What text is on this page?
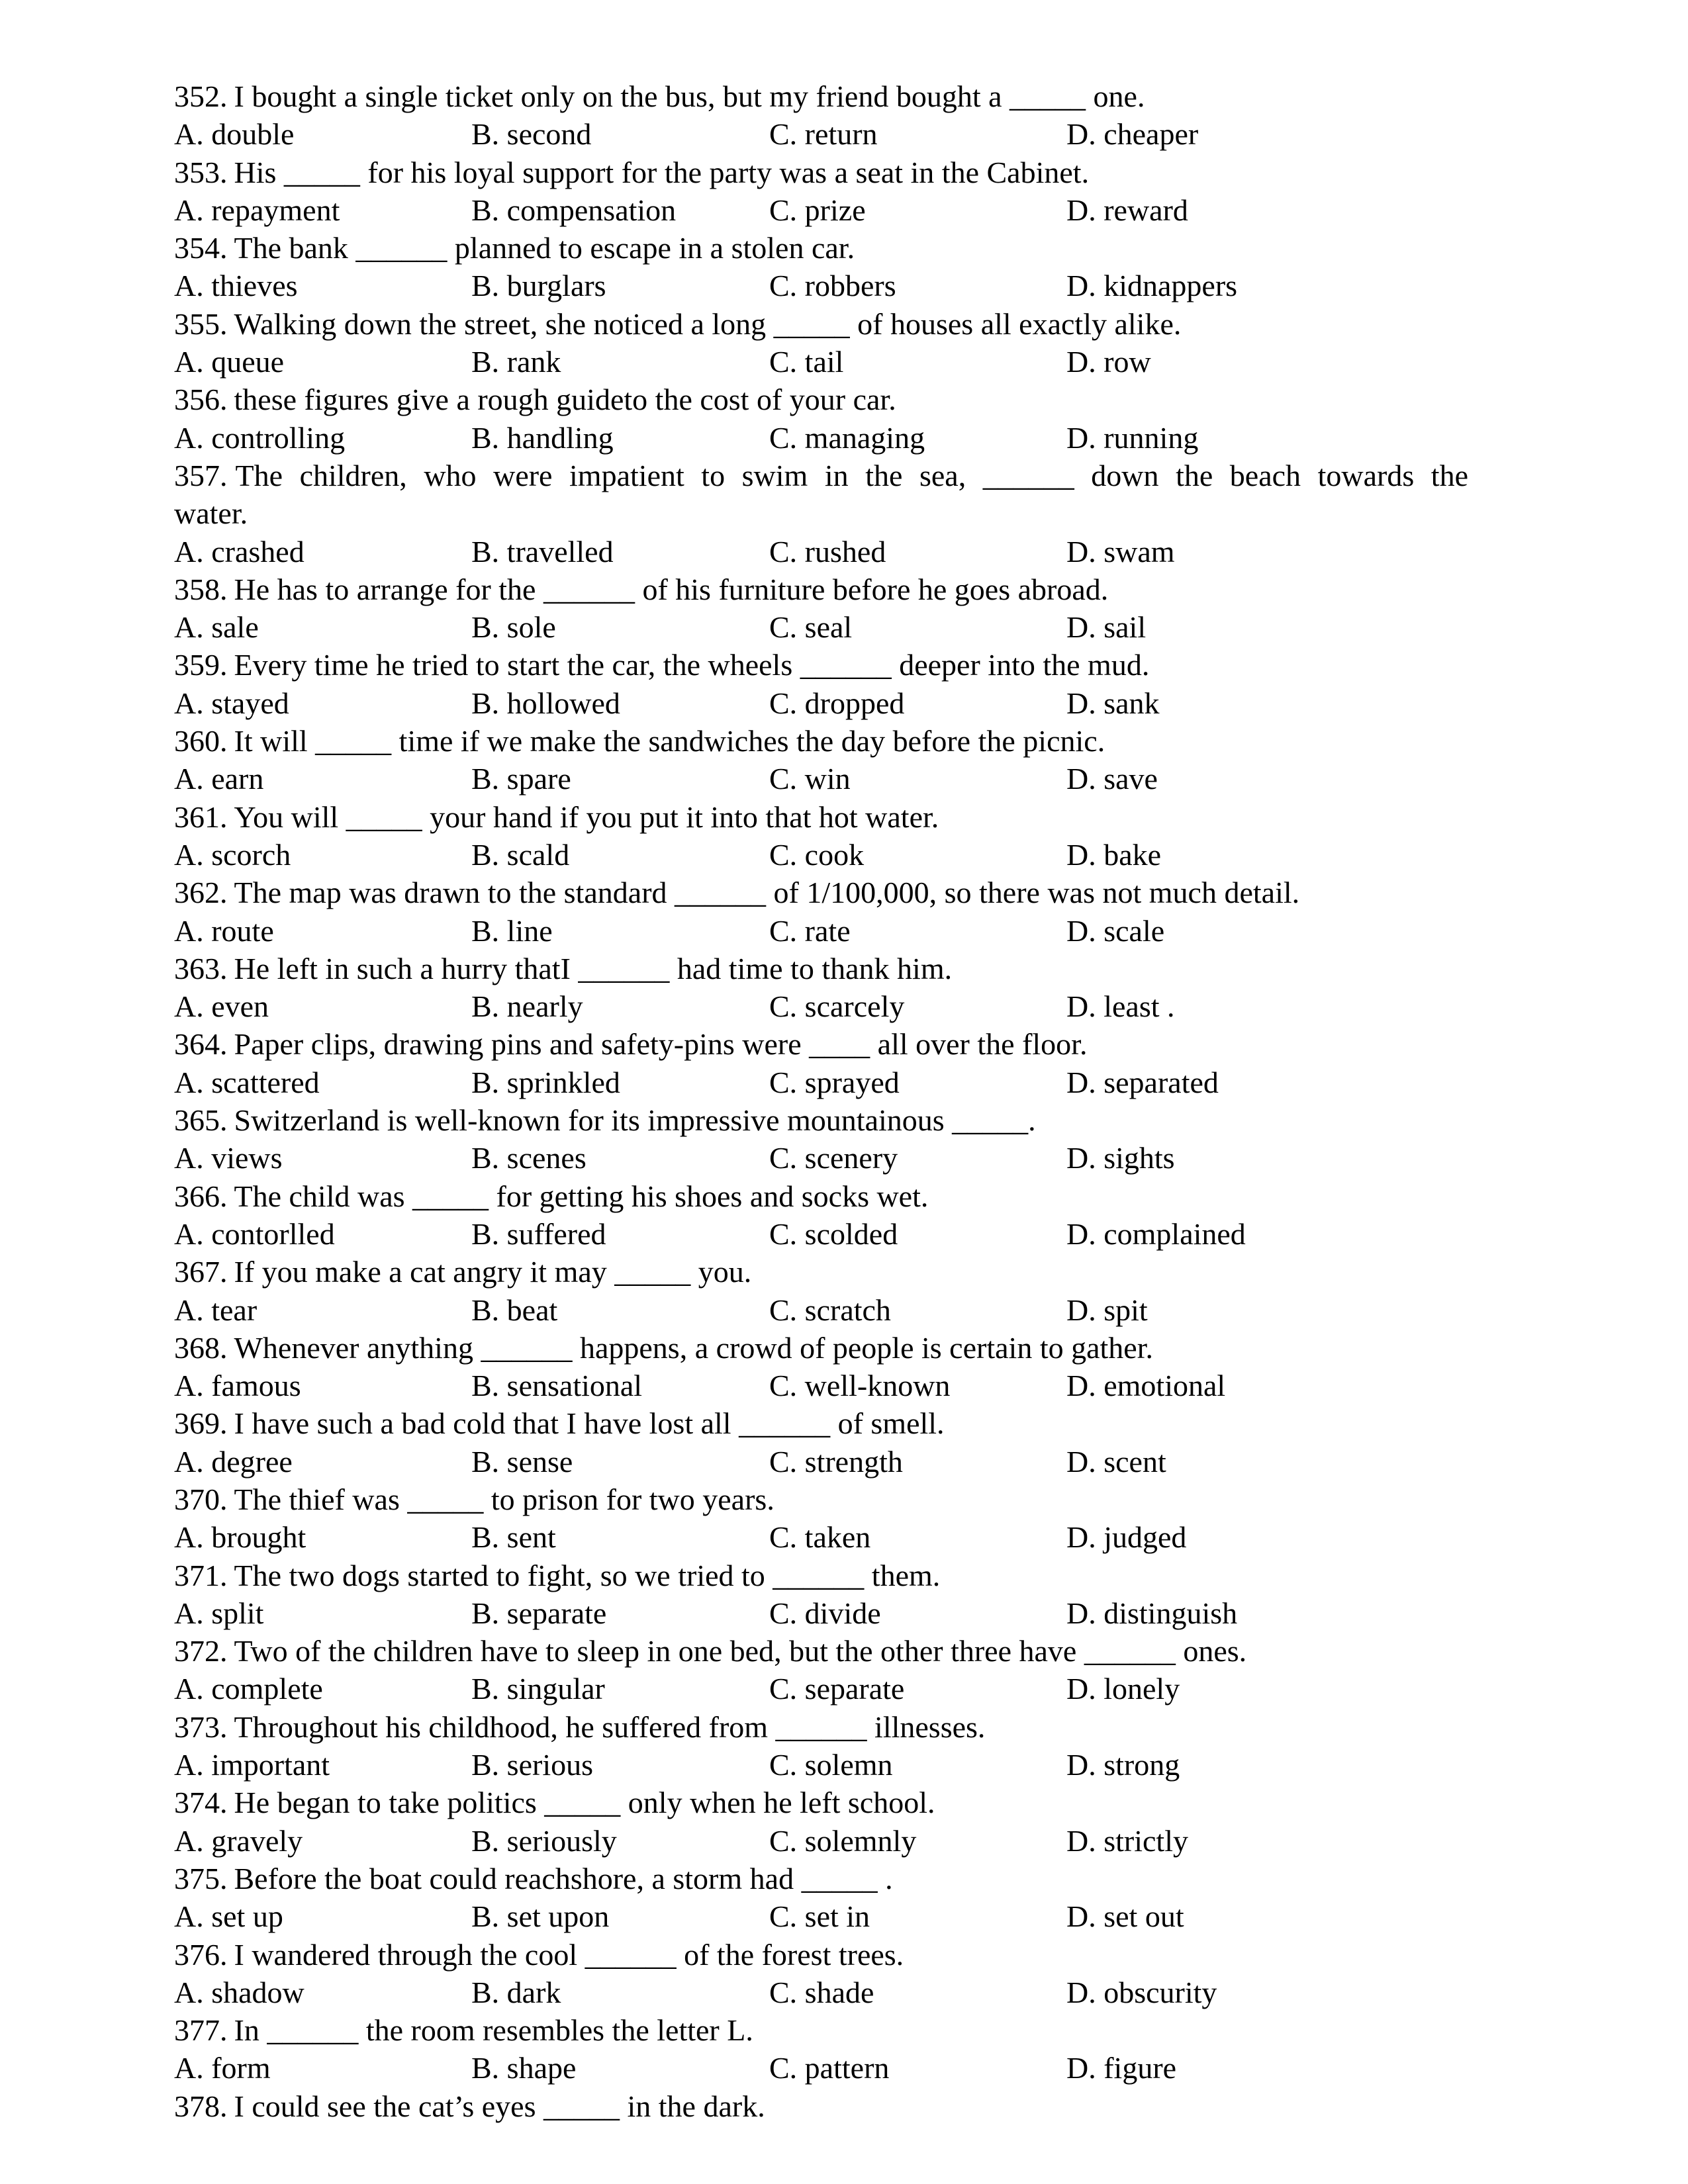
352. I bought a single ticket only on the bus, but my friend bought a _____ one.
A. double	B. second	C. return	D. cheaper
353. His _____ for his loyal support for the party was a seat in the Cabinet.
A. repayment	B. compensation	C. prize	D. reward
354. The bank ______ planned to escape in a stolen car.
A. thieves	B. burglars	C. robbers	D. kidnappers
355. Walking down the street, she noticed a long _____ of houses all exactly alike.
A. queue	B. rank	C. tail	D. row
356. these figures give a rough guideto the cost of your car.
A. controlling	B. handling	C. managing	D. running
357. The children, who were impatient to swim in the sea, ______ down the beach towards the
water.
A. crashed	B. travelled	C. rushed	D. swam
358. He has to arrange for the ______ of his furniture before he goes abroad.
A. sale	B. sole	C. seal	D. sail
359. Every time he tried to start the car, the wheels ______ deeper into the mud.
A. stayed	B. hollowed	C. dropped	D. sank
360. It will _____ time if we make the sandwiches the day before the picnic.
A. earn	B. spare	C. win	D. save
361. You will _____ your hand if you put it into that hot water.
A. scorch	B. scald	C. cook	D. bake
362. The map was drawn to the standard ______ of 1/100,000, so there was not much detail.
A. route	B. line	C. rate	D. scale
363. He left in such a hurry thatI ______ had time to thank him.
A. even	B. nearly	C. scarcely	D. least .
364. Paper clips, drawing pins and safety-pins were ____ all over the floor.
A. scattered	B. sprinkled	C. sprayed	D. separated
365. Switzerland is well-known for its impressive mountainous _____.
A. views	B. scenes	C. scenery	D. sights
366. The child was _____ for getting his shoes and socks wet.
A. contorlled	B. suffered	C. scolded	D. complained
367. If you make a cat angry it may _____ you.
A. tear	B. beat	C. scratch	D. spit
368. Whenever anything ______ happens, a crowd of people is certain to gather.
A. famous	B. sensational	C. well-known	D. emotional
369. I have such a bad cold that I have lost all ______ of smell.
A. degree	B. sense	C. strength	D. scent
370. The thief was _____ to prison for two years.
A. brought	B. sent	C. taken	D. judged
371. The two dogs started to fight, so we tried to ______ them.
A. split	B. separate	C. divide	D. distinguish
372. Two of the children have to sleep in one bed, but the other three have ______ ones.
A. complete	B. singular	C. separate	D. lonely
373. Throughout his childhood, he suffered from ______ illnesses.
A. important	B. serious	C. solemn	D. strong
374. He began to take politics _____ only when he left school.
A. gravely	B. seriously	C. solemnly	D. strictly
375. Before the boat could reachshore, a storm had _____ .
A. set up	B. set upon	C. set in	D. set out
376. I wandered through the cool ______ of the forest trees.
A. shadow	B. dark	C. shade	D. obscurity
377. In ______ the room resembles the letter L.
A. form	B. shape	C. pattern	D. figure
378. I could see the cat’s eyes _____ in the dark.
